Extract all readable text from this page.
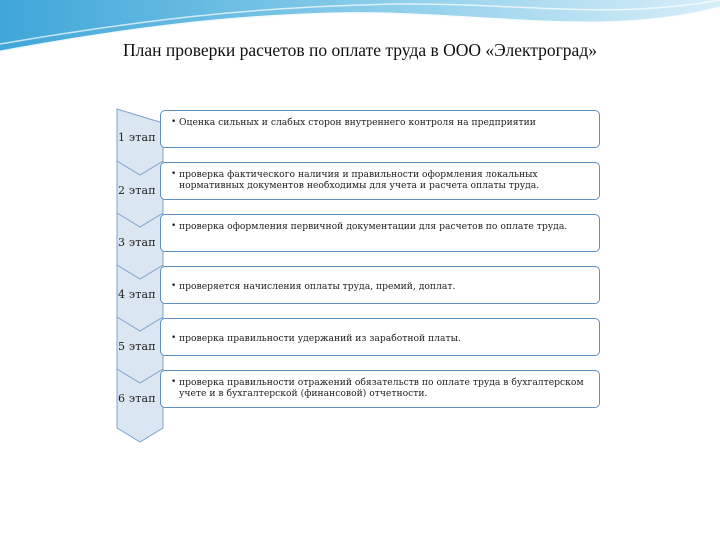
План проверки расчетов по оплате труда в ООО «Электроград»
1 этап
• Оценка сильных и слабых сторон внутреннего контроля на предприятии
2 этап
• проверка фактического наличия и правильности оформления локальных нормативных документов необходимы для учета и расчета оплаты труда.
3 этап
• проверка оформления первичной документации для расчетов по оплате труда.
4 этап
• проверяется начисления оплаты труда, премий, доплат.
5 этап
• проверка правильности удержаний из заработной платы.
6 этап
• проверка правильности отражений обязательств по оплате труда в бухгалтерском учете и в бухгалтерской (финансовой) отчетности.
